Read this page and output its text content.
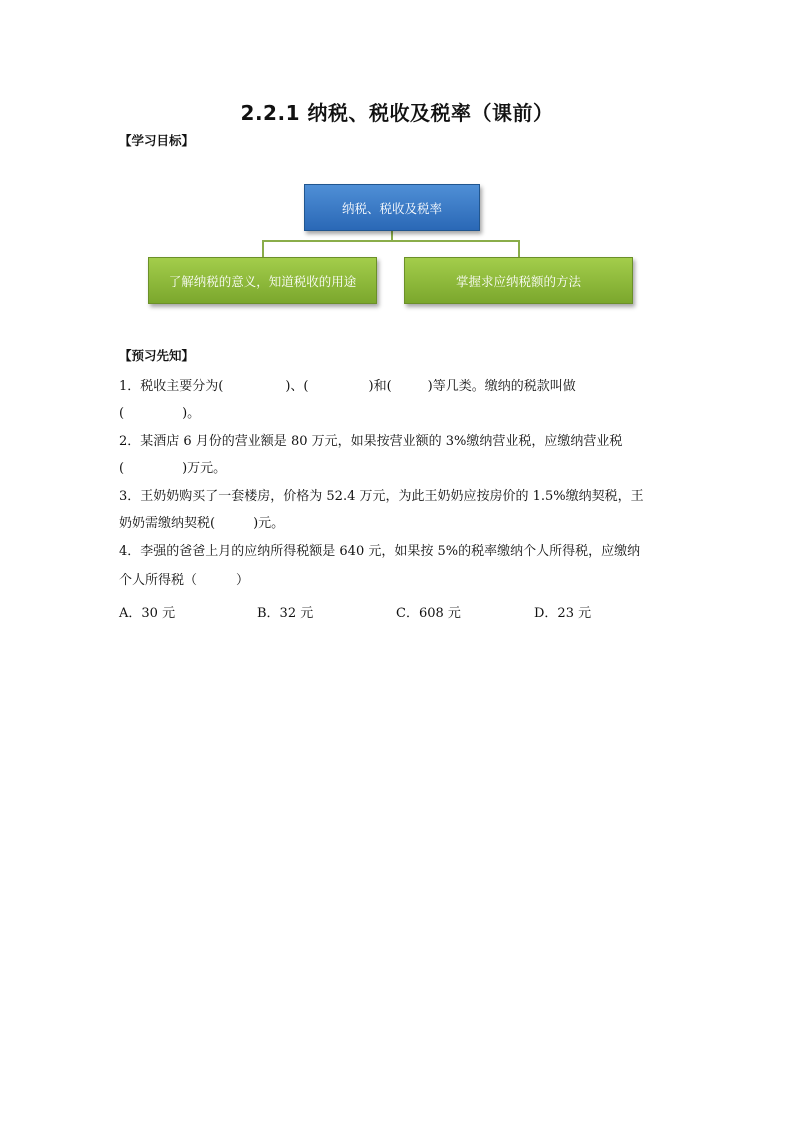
2.2.1 纳税、税收及税率（课前）
【学习目标】
纳税、税收及税率
了解纳税的意义，知道税收的用途	掌握求应纳税额的方法
【预习先知】
1．税收主要分为(	)、(	)和(	)等几类。缴纳的税款叫做
(	)。
2．某酒店 6 月份的营业额是 80 万元，如果按营业额的 3%缴纳营业税，应缴纳营业税
(	)万元。
3．王奶奶购买了一套楼房，价格为 52.4 万元，为此王奶奶应按房价的 1.5%缴纳契税，王
奶奶需缴纳契税(	)元。
4．李强的爸爸上月的应纳所得税额是 640 元，如果按 5%的税率缴纳个人所得税，应缴纳
个人所得税（　　　）
A．30 元	B．32 元	C．608 元	D．23 元
